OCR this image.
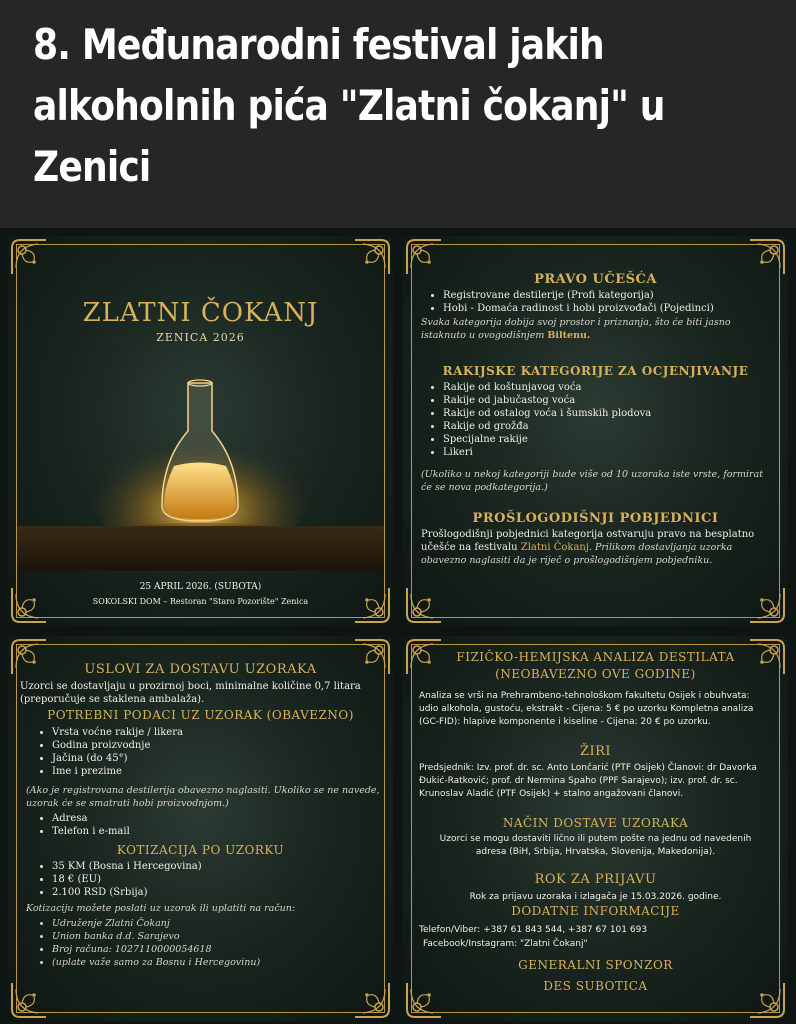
8. Međunarodni festival jakih alkoholnih pića "Zlatni čokanj" u Zenici
ZLATNI ČOKANJ
ZENICA 2026
25 APRIL 2026. (SUBOTA)
SOKOLSKI DOM – Restoran "Staro Pozorište" Zenica
PRAVO UČEŠĆA
• Registrovane destilerije (Profi kategorija)
• Hobi - Domaća radinost i hobi proizvođači (Pojedinci)
Svaka kategorija dobija svoj prostor i priznanja, što će biti jasno istaknuto u ovogodišnjem Biltenu.
RAKIJSKE KATEGORIJE ZA OCJENJIVANJE
• Rakije od koštunjavog voća
• Rakije od jabučastog voća
• Rakije od ostalog voća i šumskih plodova
• Rakije od grožđa
• Specijalne rakije
• Likeri
(Ukoliko u nekoj kategoriji bude više od 10 uzoraka iste vrste, formirat će se nova podkategorija.)
PROŠLOGODIŠNJI POBJEDNICI
Prošlogodišnji pobjednici kategorija ostvaruju pravo na besplatno učešće na festivalu Zlatni Čokanj. Prilikom dostavljanja uzorka obavezno naglasiti da je riječ o prošlogodišnjem pobjedniku.
USLOVI ZA DOSTAVU UZORAKA
Uzorci se dostavljaju u prozirnoj boci, minimalne količine 0,7 litara (preporučuje se staklena ambalaža).
POTREBNI PODACI UZ UZORAK (OBAVEZNO)
• Vrsta voćne rakije / likera
• Godina proizvodnje
• Jačina (do 45°)
• Ime i prezime
(Ako je registrovana destilerija obavezno naglasiti. Ukoliko se ne navede, uzorak će se smatrati hobi proizvodnjom.)
• Adresa
• Telefon i e-mail
KOTIZACIJA PO UZORKU
• 35 KM (Bosna i Hercegovina)
• 18 € (EU)
• 2.100 RSD (Srbija)
Kotizaciju možete poslati uz uzorak ili uplatiti na račun:
• Udruženje Zlatni Čokanj
• Union banka d.d. Sarajevo
• Broj računa: 1027110000054618
• (uplate važe samo za Bosnu i Hercegovinu)
FIZIČKO-HEMIJSKA ANALIZA DESTILATA
(NEOBAVEZNO OVE GODINE)
Analiza se vrši na Prehrambeno-tehnološkom fakultetu Osijek i obuhvata: udio alkohola, gustoću, ekstrakt - Cijena: 5 € po uzorku Kompletna analiza (GC-FID): hlapive komponente i kiseline - Cijena: 20 € po uzorku.
ŽIRI
Predsjednik: Izv. prof. dr. sc. Anto Lončarić (PTF Osijek) Članovi: dr Davorka Đukić-Ratković; prof. dr Nermina Spaho (PPF Sarajevo); izv. prof. dr. sc. Krunoslav Aladić (PTF Osijek) + stalno angažovani članovi.
NAČIN DOSTAVE UZORAKA
Uzorci se mogu dostaviti lično ili putem pošte na jednu od navedenih adresa (BiH, Srbija, Hrvatska, Slovenija, Makedonija).
ROK ZA PRIJAVU
Rok za prijavu uzoraka i izlagača je 15.03.2026. godine.
DODATNE INFORMACIJE
Telefon/Viber: +387 61 843 544, +387 67 101 693
Facebook/Instagram: "Zlatni Čokanj"
GENERALNI SPONZOR
DES SUBOTICA
